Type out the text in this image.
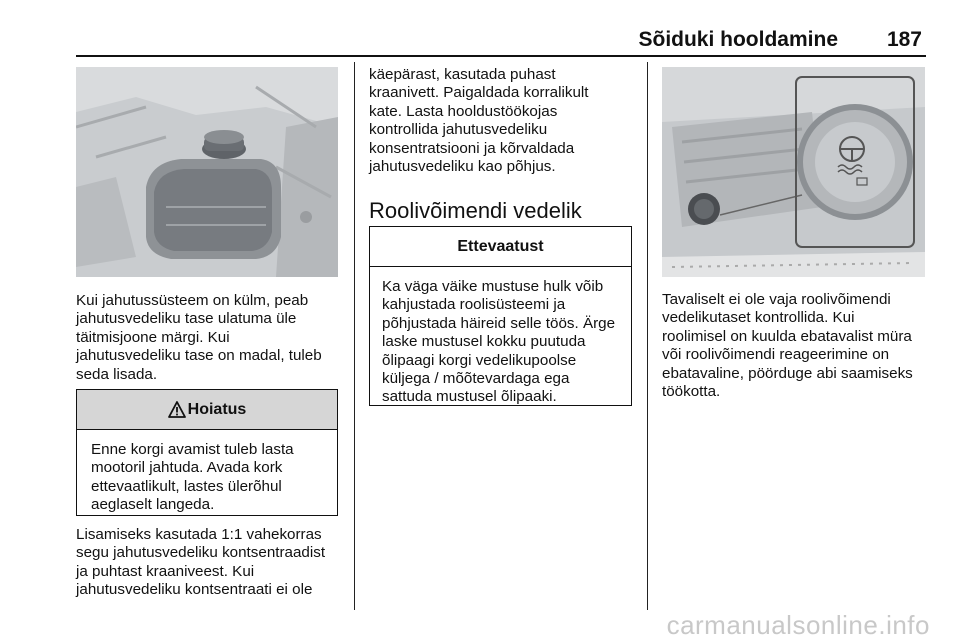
Sõiduki hooldamine 187
Kui jahutussüsteem on külm, peab
jahutusvedeliku tase ulatuma üle
täitmisjoone märgi. Kui
jahutusvedeliku tase on madal, tuleb
seda lisada.
Hoiatus
Enne korgi avamist tuleb lasta
mootoril jahtuda. Avada kork
ettevaatlikult, lastes ülerõhul
aeglaselt langeda.
Lisamiseks kasutada 1:1 vahekorras
segu jahutusvedeliku kontsentraadist
ja puhtast kraaniveest. Kui
jahutusvedeliku kontsentraati ei ole
käepärast, kasutada puhast
kraanivett. Paigaldada korralikult
kate. Lasta hooldustöökojas
kontrollida jahutusvedeliku
konsentratsiooni ja kõrvaldada
jahutusvedeliku kao põhjus.
Roolivõimendi vedelik
Ettevaatust
Ka väga väike mustuse hulk võib
kahjustada roolisüsteemi ja
põhjustada häireid selle töös. Ärge
laske mustusel kokku puutuda
õlipaagi korgi vedelikupoolse
küljega / mõõtevardaga ega
sattuda mustusel õlipaaki.
Tavaliselt ei ole vaja roolivõimendi
vedelikutaset kontrollida. Kui
roolimisel on kuulda ebatavalist müra
või roolivõimendi reageerimine on
ebatavaline, pöörduge abi saamiseks
töökotta.
carmanualsonline.info
